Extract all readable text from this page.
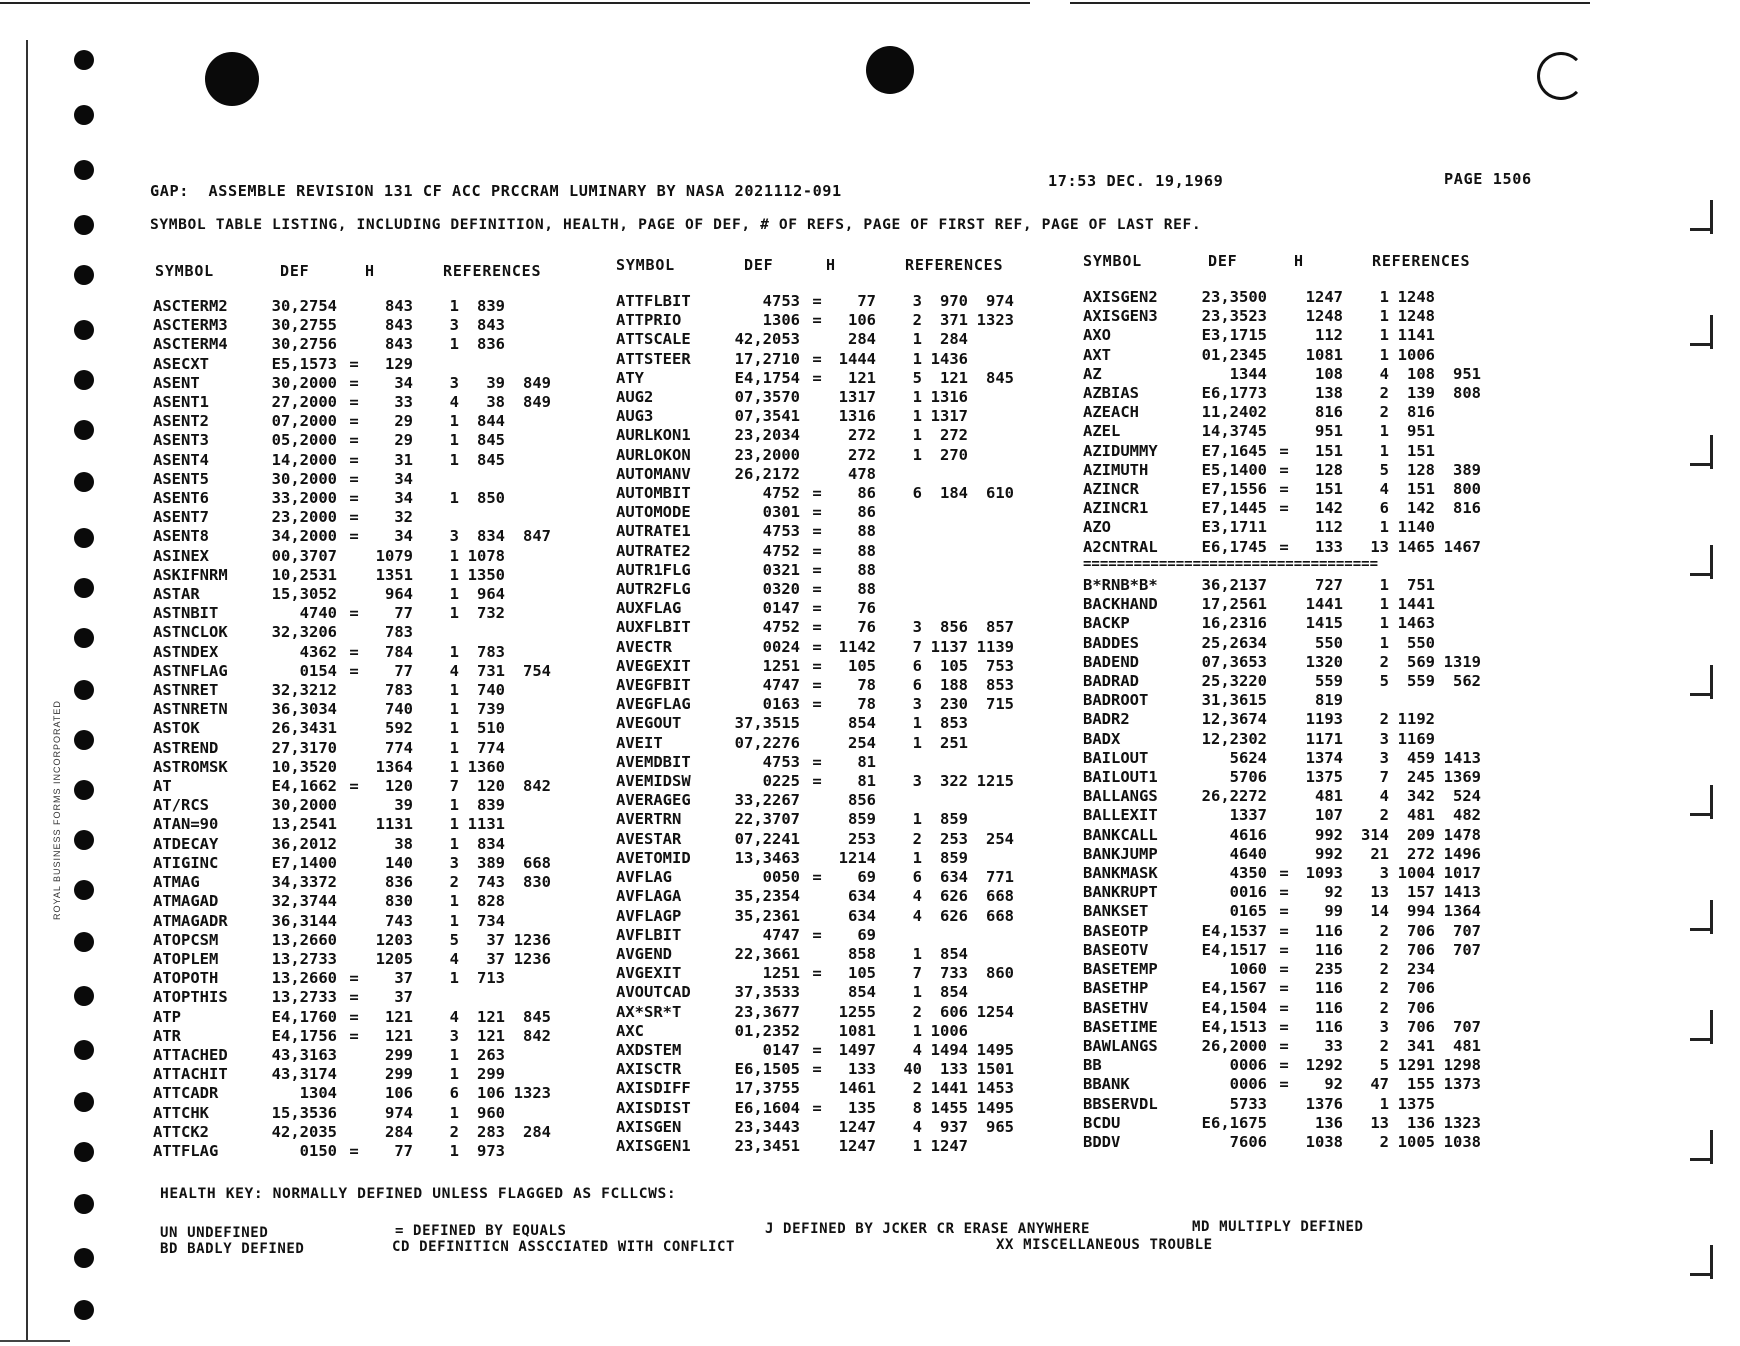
ROYAL BUSINESS FORMS INCORPORATED
GAP:  ASSEMBLE REVISION 131 CF ACC PRCCRAM LUMINARY BY NASA 2021112-091
17:53 DEC. 19,1969	PAGE 1506
SYMBOL TABLE LISTING, INCLUDING DEFINITION, HEALTH, PAGE OF DEF, # OF REFS, PAGE OF FIRST REF, PAGE OF LAST REF.
SYMBOL	DEF	H	REFERENCES	SYMBOL	DEF	H	REFERENCES	SYMBOL	DEF	H	REFERENCES
ASCTERM2	30,2754		843	1	839	
ASCTERM3	30,2755		843	3	843	
ASCTERM4	30,2756		843	1	836	
ASECXT	E5,1573	=	129			
ASENT	30,2000	=	34	3	39	849
ASENT1	27,2000	=	33	4	38	849
ASENT2	07,2000	=	29	1	844	
ASENT3	05,2000	=	29	1	845	
ASENT4	14,2000	=	31	1	845	
ASENT5	30,2000	=	34			
ASENT6	33,2000	=	34	1	850	
ASENT7	23,2000	=	32			
ASENT8	34,2000	=	34	3	834	847
ASINEX	00,3707		1079	1	1078	
ASKIFNRM	10,2531		1351	1	1350	
ASTAR	15,3052		964	1	964	
ASTNBIT	4740	=	77	1	732	
ASTNCLOK	32,3206		783			
ASTNDEX	4362	=	784	1	783	
ASTNFLAG	0154	=	77	4	731	754
ASTNRET	32,3212		783	1	740	
ASTNRETN	36,3034		740	1	739	
ASTOK	26,3431		592	1	510	
ASTREND	27,3170		774	1	774	
ASTROMSK	10,3520		1364	1	1360	
AT	E4,1662	=	120	7	120	842
AT/RCS	30,2000		39	1	839	
ATAN=90	13,2541		1131	1	1131	
ATDECAY	36,2012		38	1	834	
ATIGINC	E7,1400		140	3	389	668
ATMAG	34,3372		836	2	743	830
ATMAGAD	32,3744		830	1	828	
ATMAGADR	36,3144		743	1	734	
ATOPCSM	13,2660		1203	5	37	1236
ATOPLEM	13,2733		1205	4	37	1236
ATOPOTH	13,2660	=	37	1	713	
ATOPTHIS	13,2733	=	37			
ATP	E4,1760	=	121	4	121	845
ATR	E4,1756	=	121	3	121	842
ATTACHED	43,3163		299	1	263	
ATTACHIT	43,3174		299	1	299	
ATTCADR	1304		106	6	106	1323
ATTCHK	15,3536		974	1	960	
ATTCK2	42,2035		284	2	283	284
ATTFLAG	0150	=	77	1	973	
ATTFLBIT	4753	=	77	3	970	974
ATTPRIO	1306	=	106	2	371	1323
ATTSCALE	42,2053		284	1	284	
ATTSTEER	17,2710	=	1444	1	1436	
ATY	E4,1754	=	121	5	121	845
AUG2	07,3570		1317	1	1316	
AUG3	07,3541		1316	1	1317	
AURLKON1	23,2034		272	1	272	
AURLOKON	23,2000		272	1	270	
AUTOMANV	26,2172		478			
AUTOMBIT	4752	=	86	6	184	610
AUTOMODE	0301	=	86			
AUTRATE1	4753	=	88			
AUTRATE2	4752	=	88			
AUTR1FLG	0321	=	88			
AUTR2FLG	0320	=	88			
AUXFLAG	0147	=	76			
AUXFLBIT	4752	=	76	3	856	857
AVECTR	0024	=	1142	7	1137	1139
AVEGEXIT	1251	=	105	6	105	753
AVEGFBIT	4747	=	78	6	188	853
AVEGFLAG	0163	=	78	3	230	715
AVEGOUT	37,3515		854	1	853	
AVEIT	07,2276		254	1	251	
AVEMDBIT	4753	=	81			
AVEMIDSW	0225	=	81	3	322	1215
AVERAGEG	33,2267		856			
AVERTRN	22,3707		859	1	859	
AVESTAR	07,2241		253	2	253	254
AVETOMID	13,3463		1214	1	859	
AVFLAG	0050	=	69	6	634	771
AVFLAGA	35,2354		634	4	626	668
AVFLAGP	35,2361		634	4	626	668
AVFLBIT	4747	=	69			
AVGEND	22,3661		858	1	854	
AVGEXIT	1251	=	105	7	733	860
AVOUTCAD	37,3533		854	1	854	
AX*SR*T	23,3677		1255	2	606	1254
AXC	01,2352		1081	1	1006	
AXDSTEM	0147	=	1497	4	1494	1495
AXISCTR	E6,1505	=	133	40	133	1501
AXISDIFF	17,3755		1461	2	1441	1453
AXISDIST	E6,1604	=	135	8	1455	1495
AXISGEN	23,3443		1247	4	937	965
AXISGEN1	23,3451		1247	1	1247	
AXISGEN2	23,3500		1247	1	1248	
AXISGEN3	23,3523		1248	1	1248	
AXO	E3,1715		112	1	1141	
AXT	01,2345		1081	1	1006	
AZ	1344		108	4	108	951
AZBIAS	E6,1773		138	2	139	808
AZEACH	11,2402		816	2	816	
AZEL	14,3745		951	1	951	
AZIDUMMY	E7,1645	=	151	1	151	
AZIMUTH	E5,1400	=	128	5	128	389
AZINCR	E7,1556	=	151	4	151	800
AZINCR1	E7,1445	=	142	6	142	816
AZO	E3,1711		112	1	1140	
A2CNTRAL	E6,1745	=	133	13	1465	1467

B*RNB*B*	36,2137		727	1	751	
BACKHAND	17,2561		1441	1	1441	
BACKP	16,2316		1415	1	1463	
BADDES	25,2634		550	1	550	
BADEND	07,3653		1320	2	569	1319
BADRAD	25,3220		559	5	559	562
BADROOT	31,3615		819			
BADR2	12,3674		1193	2	1192	
BADX	12,2302		1171	3	1169	
BAILOUT	5624		1374	3	459	1413
BAILOUT1	5706		1375	7	245	1369
BALLANGS	26,2272		481	4	342	524
BALLEXIT	1337		107	2	481	482
BANKCALL	4616		992	314	209	1478
BANKJUMP	4640		992	21	272	1496
BANKMASK	4350	=	1093	3	1004	1017
BANKRUPT	0016	=	92	13	157	1413
BANKSET	0165	=	99	14	994	1364
BASEOTP	E4,1537	=	116	2	706	707
BASEOTV	E4,1517	=	116	2	706	707
BASETEMP	1060	=	235	2	234	
BASETHP	E4,1567	=	116	2	706	
BASETHV	E4,1504	=	116	2	706	
BASETIME	E4,1513	=	116	3	706	707
BAWLANGS	26,2000	=	33	2	341	481
BB	0006	=	1292	5	1291	1298
BBANK	0006	=	92	47	155	1373
BBSERVDL	5733		1376	1	1375	
BCDU	E6,1675		136	13	136	1323
BDDV	7606		1038	2	1005	1038
===================================
HEALTH KEY: NORMALLY DEFINED UNLESS FLAGGED AS FCLLCWS:
UN UNDEFINED	= DEFINED BY EQUALS	J DEFINED BY JCKER CR ERASE ANYWHERE	MD MULTIPLY DEFINED
BD BADLY DEFINED	CD DEFINITICN ASSCCIATED WITH CONFLICT	XX MISCELLANEOUS TROUBLE
